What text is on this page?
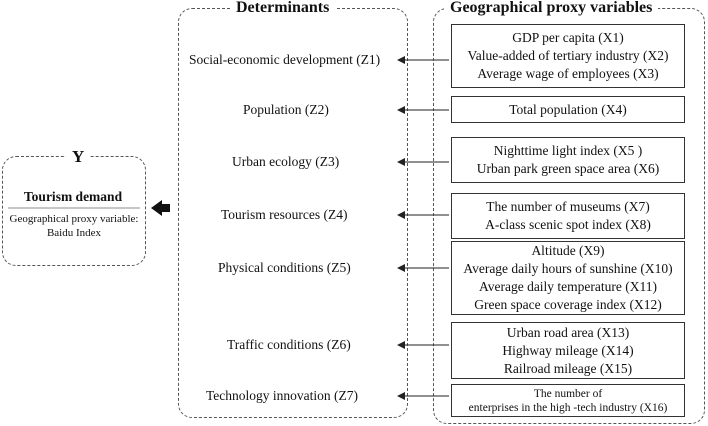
Determinants	Geographical proxy variables
Y
Tourism demand
Geographical proxy variable:
Baidu Index
Social-economic development (Z1)
Population (Z2)
Urban ecology (Z3)
Tourism resources (Z4)
Physical conditions (Z5)
Traffic conditions (Z6)
Technology innovation (Z7)
GDP per capita (X1)
Value-added of tertiary industry (X2)
Average wage of employees (X3)
Total population (X4)
Nighttime light index (X5 )
Urban park green space area (X6)
The number of museums (X7)
A-class scenic spot index (X8)
Altitude (X9)
Average daily hours of sunshine (X10)
Average daily temperature (X11)
Green space coverage index (X12)
Urban road area (X13)
Highway mileage (X14)
Railroad mileage (X15)
The number of
enterprises in the high -tech industry (X16)
